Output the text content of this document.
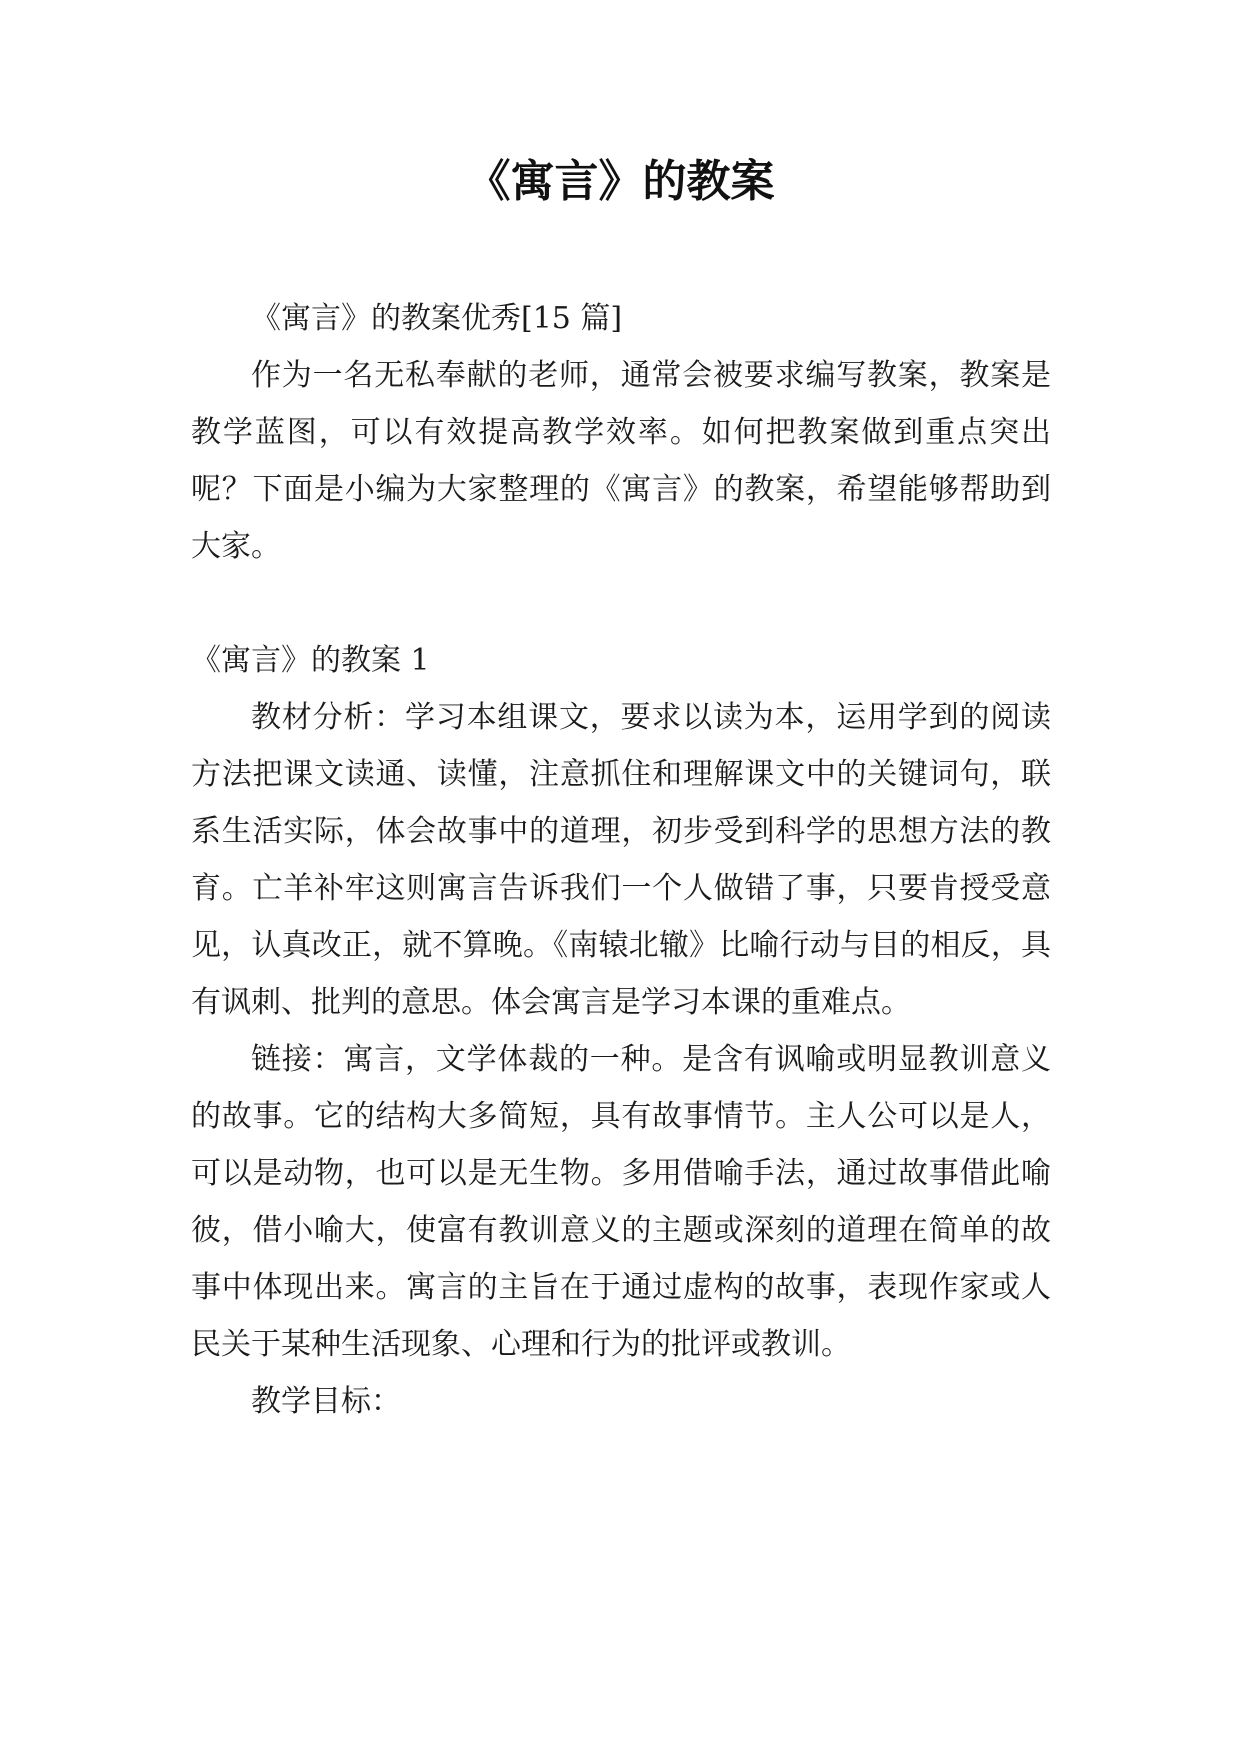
《寓言》的教案

《寓言》的教案优秀[15 篇]

作为一名无私奉献的老师，通常会被要求编写教案，教案是教学蓝图，可以有效提高教学效率。如何把教案做到重点突出呢？下面是小编为大家整理的《寓言》的教案，希望能够帮助到大家。

《寓言》的教案 1

教材分析：学习本组课文，要求以读为本，运用学到的阅读方法把课文读通、读懂，注意抓住和理解课文中的关键词句，联系生活实际，体会故事中的道理，初步受到科学的思想方法的教育。亡羊补牢这则寓言告诉我们一个人做错了事，只要肯授受意见，认真改正，就不算晚。《南辕北辙》比喻行动与目的相反，具有讽刺、批判的意思。体会寓言是学习本课的重难点。

链接：寓言，文学体裁的一种。是含有讽喻或明显教训意义的故事。它的结构大多简短，具有故事情节。主人公可以是人，可以是动物，也可以是无生物。多用借喻手法，通过故事借此喻彼，借小喻大，使富有教训意义的主题或深刻的道理在简单的故事中体现出来。寓言的主旨在于通过虚构的故事，表现作家或人民关于某种生活现象、心理和行为的批评或教训。

教学目标：
